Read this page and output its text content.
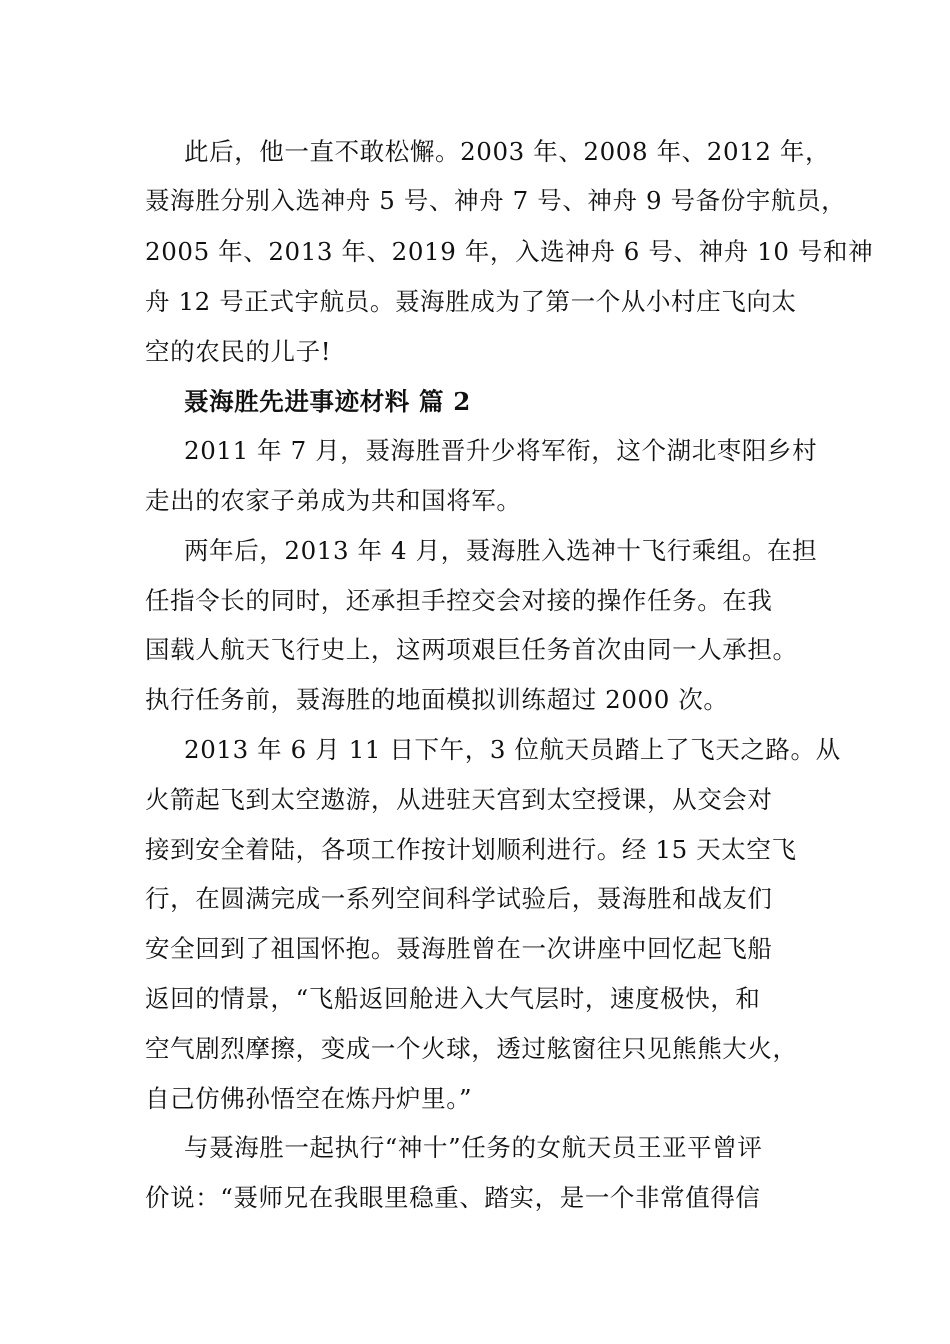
此后，他一直不敢松懈。2003 年、2008 年、2012 年，
聂海胜分别入选神舟 5 号、神舟 7 号、神舟 9 号备份宇航员，
2005 年、2013 年、2019 年，入选神舟 6 号、神舟 10 号和神
舟 12 号正式宇航员。聂海胜成为了第一个从小村庄飞向太
空的农民的儿子!
聂海胜先进事迹材料 篇 2
2011 年 7 月，聂海胜晋升少将军衔，这个湖北枣阳乡村
走出的农家子弟成为共和国将军。
两年后，2013 年 4 月，聂海胜入选神十飞行乘组。在担
任指令长的同时，还承担手控交会对接的操作任务。在我
国载人航天飞行史上，这两项艰巨任务首次由同一人承担。
执行任务前，聂海胜的地面模拟训练超过 2000 次。
2013 年 6 月 11 日下午，3 位航天员踏上了飞天之路。从
火箭起飞到太空遨游，从进驻天宫到太空授课，从交会对
接到安全着陆，各项工作按计划顺利进行。经 15 天太空飞
行，在圆满完成一系列空间科学试验后，聂海胜和战友们
安全回到了祖国怀抱。聂海胜曾在一次讲座中回忆起飞船
返回的情景，“飞船返回舱进入大气层时，速度极快，和
空气剧烈摩擦，变成一个火球，透过舷窗往只见熊熊大火，
自己仿佛孙悟空在炼丹炉里。”
与聂海胜一起执行“神十”任务的女航天员王亚平曾评
价说：“聂师兄在我眼里稳重、踏实，是一个非常值得信
